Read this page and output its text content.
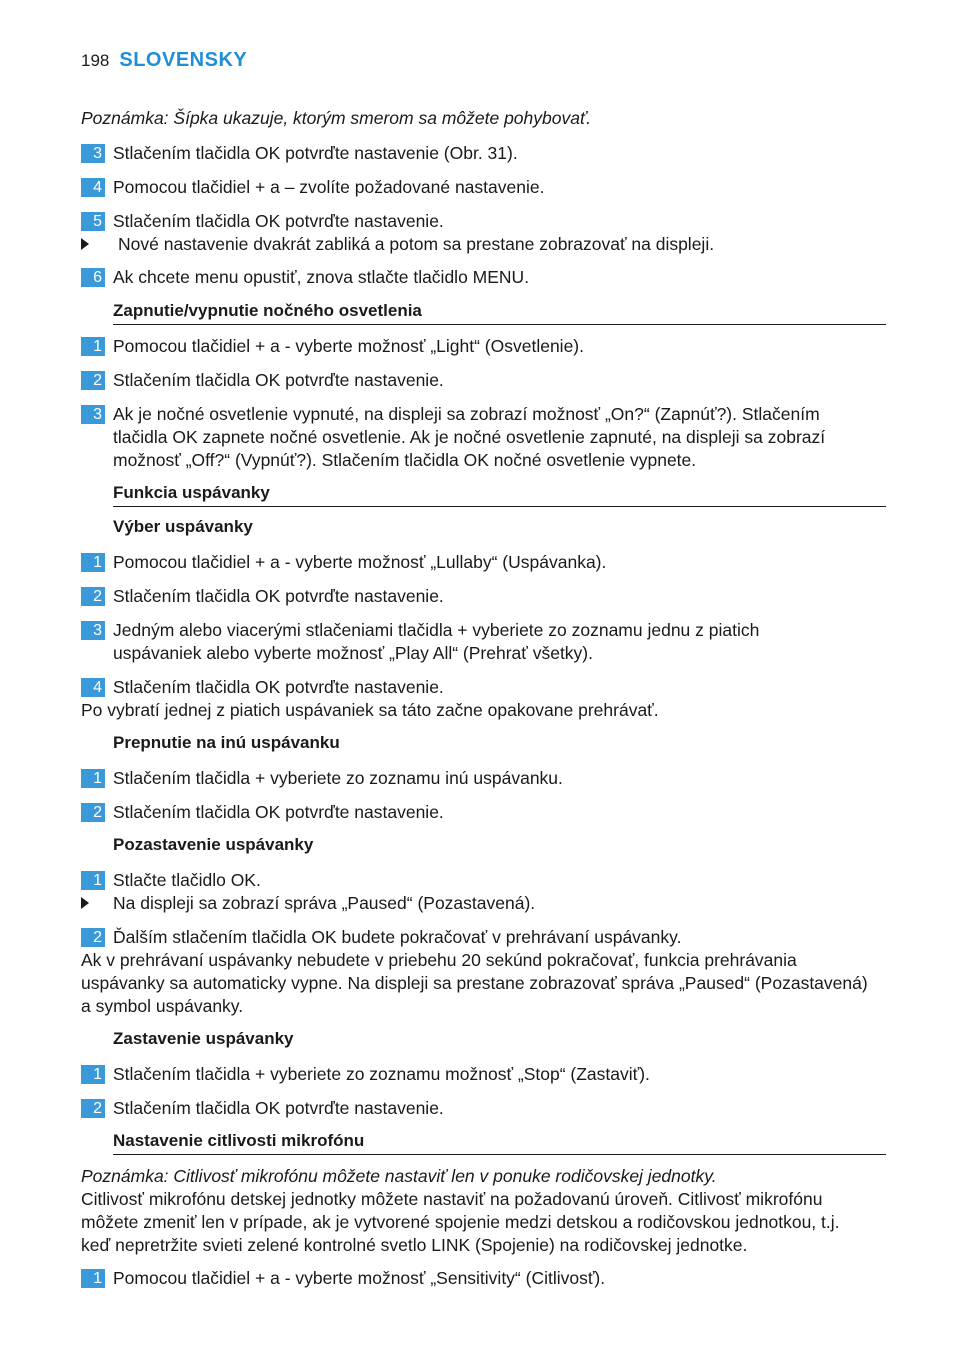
198 SLOVENSKY
Poznámka: Šípka ukazuje, ktorým smerom sa môžete pohybovať.
3 Stlačením tlačidla OK potvrďte nastavenie (Obr. 31).
4 Pomocou tlačidiel + a – zvolíte požadované nastavenie.
5 Stlačením tlačidla OK potvrďte nastavenie.
Nové nastavenie dvakrát zabliká a potom sa prestane zobrazovať na displeji.
6 Ak chcete menu opustiť, znova stlačte tlačidlo MENU.
Zapnutie/vypnutie nočného osvetlenia
1 Pomocou tlačidiel + a - vyberte možnosť „Light“ (Osvetlenie).
2 Stlačením tlačidla OK potvrďte nastavenie.
3 Ak je nočné osvetlenie vypnuté, na displeji sa zobrazí možnosť „On?“ (Zapnúť?). Stlačením
tlačidla OK zapnete nočné osvetlenie. Ak je nočné osvetlenie zapnuté, na displeji sa zobrazí
možnosť „Off?“ (Vypnúť?). Stlačením tlačidla OK nočné osvetlenie vypnete.
Funkcia uspávanky
Výber uspávanky
1 Pomocou tlačidiel + a - vyberte možnosť „Lullaby“ (Uspávanka).
2 Stlačením tlačidla OK potvrďte nastavenie.
3 Jedným alebo viacerými stlačeniami tlačidla + vyberiete zo zoznamu jednu z piatich
uspávaniek alebo vyberte možnosť „Play All“ (Prehrať všetky).
4 Stlačením tlačidla OK potvrďte nastavenie.
Po vybratí jednej z piatich uspávaniek sa táto začne opakovane prehrávať.
Prepnutie na inú uspávanku
1 Stlačením tlačidla + vyberiete zo zoznamu inú uspávanku.
2 Stlačením tlačidla OK potvrďte nastavenie.
Pozastavenie uspávanky
1 Stlačte tlačidlo OK.
Na displeji sa zobrazí správa „Paused“ (Pozastavená).
2 Ďalším stlačením tlačidla OK budete pokračovať v prehrávaní uspávanky.
Ak v prehrávaní uspávanky nebudete v priebehu 20 sekúnd pokračovať, funkcia prehrávania
uspávanky sa automaticky vypne. Na displeji sa prestane zobrazovať správa „Paused“ (Pozastavená)
a symbol uspávanky.
Zastavenie uspávanky
1 Stlačením tlačidla + vyberiete zo zoznamu možnosť „Stop“ (Zastaviť).
2 Stlačením tlačidla OK potvrďte nastavenie.
Nastavenie citlivosti mikrofónu
Poznámka: Citlivosť mikrofónu môžete nastaviť len v ponuke rodičovskej jednotky.
Citlivosť mikrofónu detskej jednotky môžete nastaviť na požadovanú úroveň. Citlivosť mikrofónu
môžete zmeniť len v prípade, ak je vytvorené spojenie medzi detskou a rodičovskou jednotkou, t.j.
keď nepretržite svieti zelené kontrolné svetlo LINK (Spojenie) na rodičovskej jednotke.
1 Pomocou tlačidiel + a - vyberte možnosť „Sensitivity“ (Citlivosť).
